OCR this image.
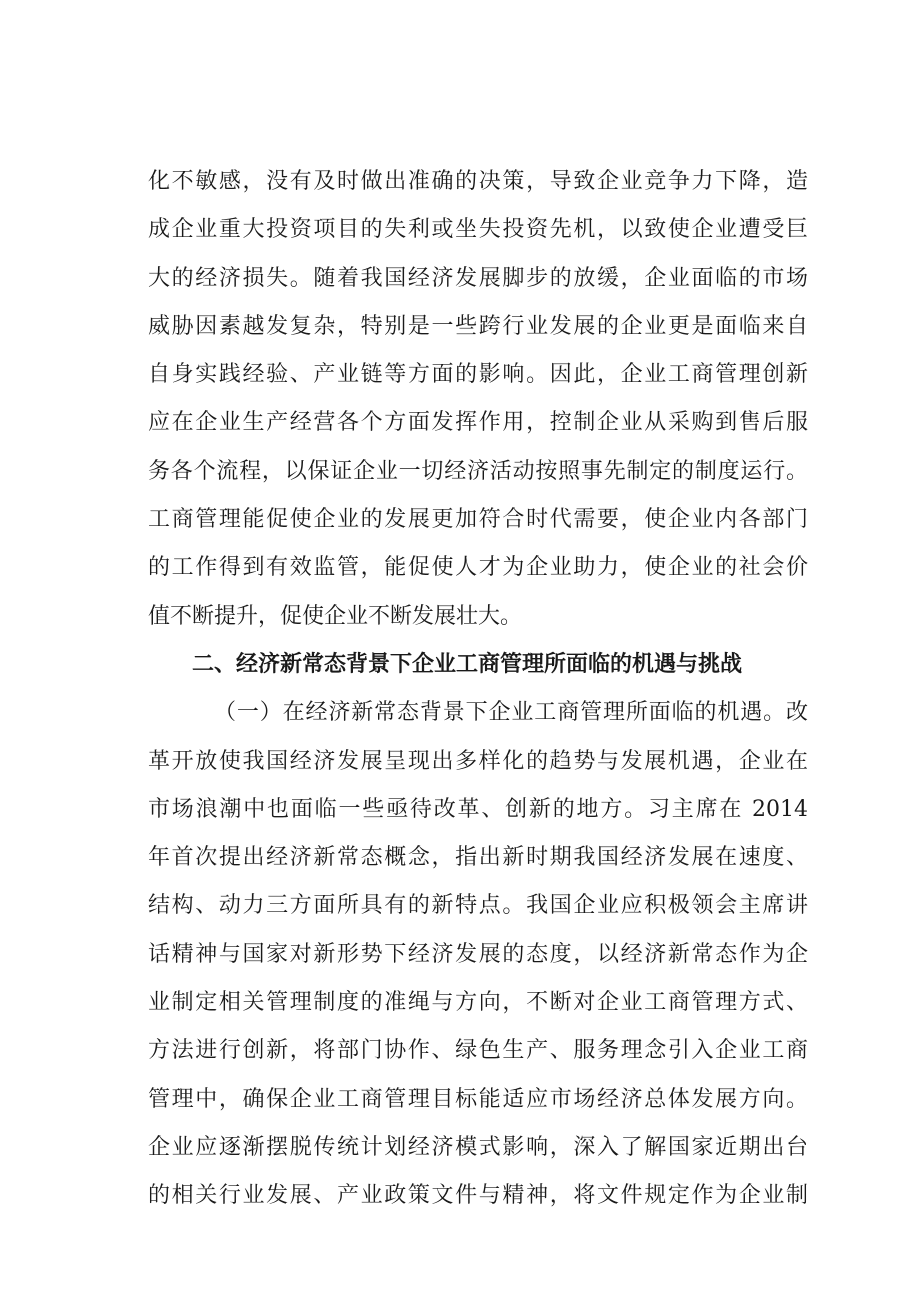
化不敏感，没有及时做出准确的决策，导致企业竞争力下降，造
成企业重大投资项目的失利或坐失投资先机，以致使企业遭受巨
大的经济损失。随着我国经济发展脚步的放缓，企业面临的市场
威胁因素越发复杂，特别是一些跨行业发展的企业更是面临来自
自身实践经验、产业链等方面的影响。因此，企业工商管理创新
应在企业生产经营各个方面发挥作用，控制企业从采购到售后服
务各个流程，以保证企业一切经济活动按照事先制定的制度运行。
工商管理能促使企业的发展更加符合时代需要，使企业内各部门
的工作得到有效监管，能促使人才为企业助力，使企业的社会价
值不断提升，促使企业不断发展壮大。
二、经济新常态背景下企业工商管理所面临的机遇与挑战
（一）在经济新常态背景下企业工商管理所面临的机遇。改
革开放使我国经济发展呈现出多样化的趋势与发展机遇，企业在
市场浪潮中也面临一些亟待改革、创新的地方。习主席在 2014
年首次提出经济新常态概念，指出新时期我国经济发展在速度、
结构、动力三方面所具有的新特点。我国企业应积极领会主席讲
话精神与国家对新形势下经济发展的态度，以经济新常态作为企
业制定相关管理制度的准绳与方向，不断对企业工商管理方式、
方法进行创新，将部门协作、绿色生产、服务理念引入企业工商
管理中，确保企业工商管理目标能适应市场经济总体发展方向。
企业应逐渐摆脱传统计划经济模式影响，深入了解国家近期出台
的相关行业发展、产业政策文件与精神，将文件规定作为企业制
